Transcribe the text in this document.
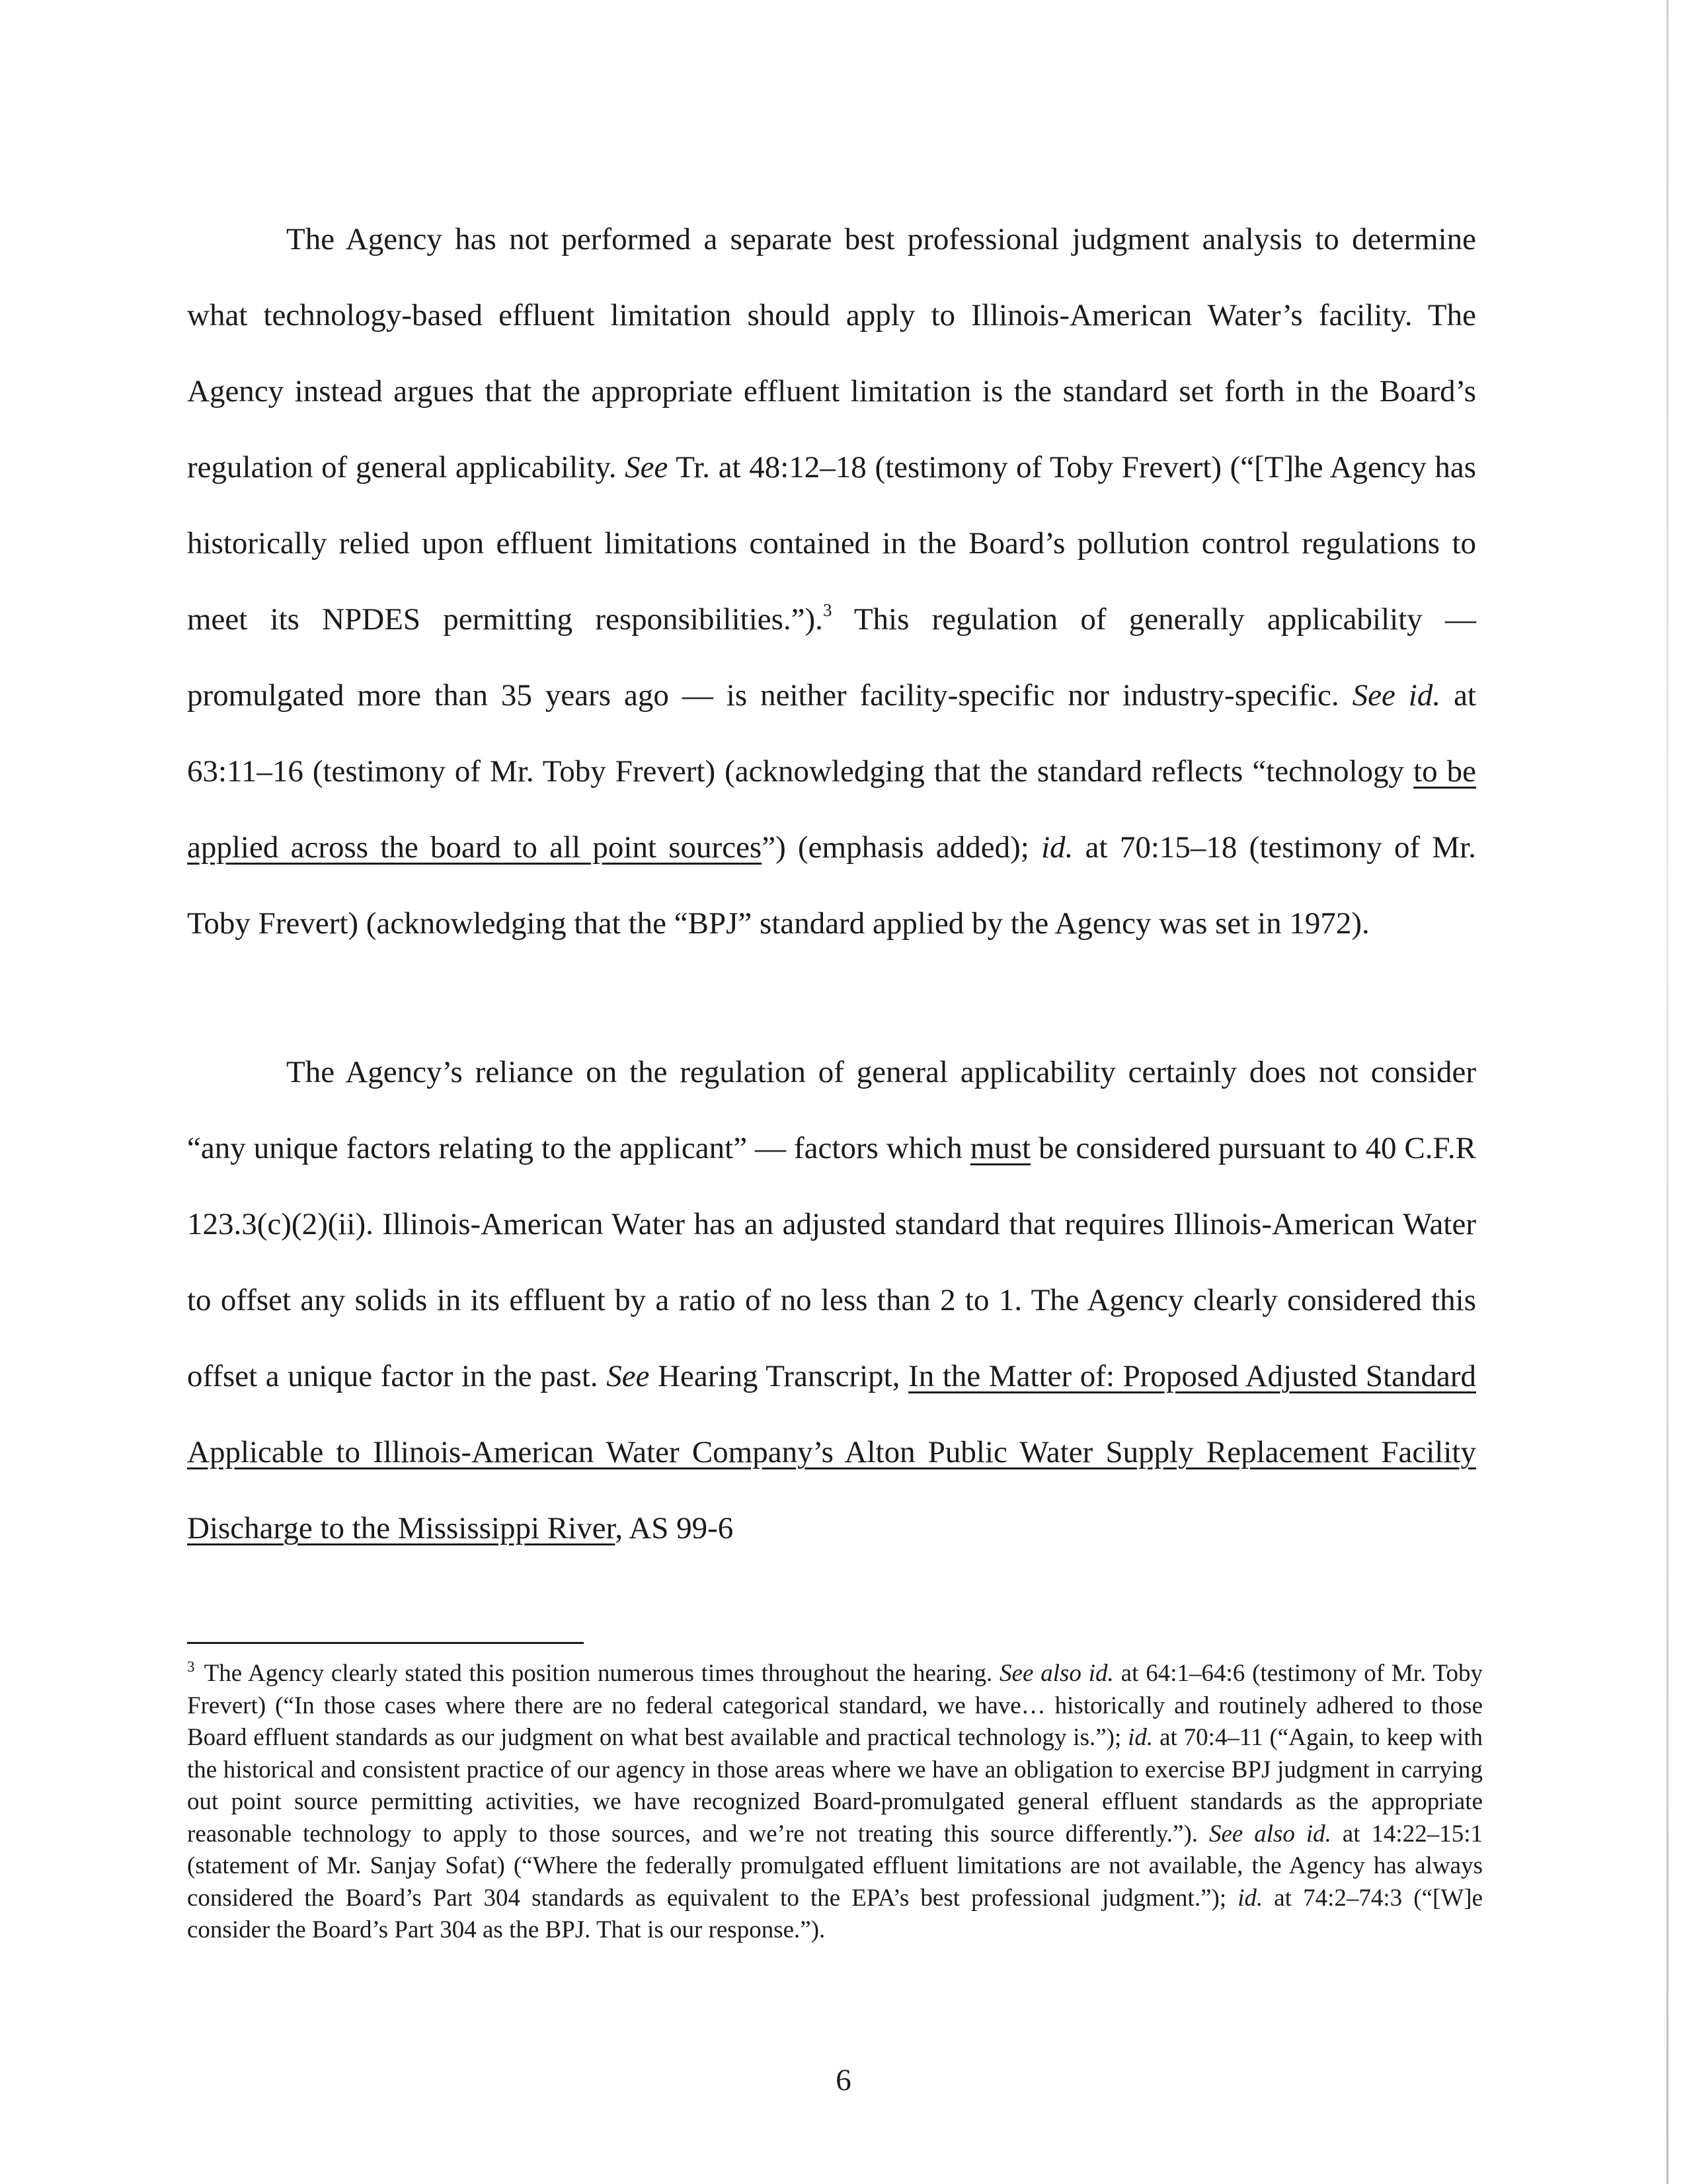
The Agency has not performed a separate best professional judgment analysis to determine what technology-based effluent limitation should apply to Illinois-American Water’s facility. The Agency instead argues that the appropriate effluent limitation is the standard set forth in the Board’s regulation of general applicability. See Tr. at 48:12–18 (testimony of Toby Frevert) (“[T]he Agency has historically relied upon effluent limitations contained in the Board’s pollution control regulations to meet its NPDES permitting responsibilities.”).$^3$ This regulation of generally applicability — promulgated more than 35 years ago — is neither facility-specific nor industry-specific. See id. at 63:11–16 (testimony of Mr. Toby Frevert) (acknowledging that the standard reflects “technology to be applied across the board to all point sources”) (emphasis added); id. at 70:15–18 (testimony of Mr. Toby Frevert) (acknowledging that the “BPJ” standard applied by the Agency was set in 1972).

The Agency’s reliance on the regulation of general applicability certainly does not consider “any unique factors relating to the applicant” — factors which must be considered pursuant to 40 C.F.R 123.3(c)(2)(ii). Illinois-American Water has an adjusted standard that requires Illinois-American Water to offset any solids in its effluent by a ratio of no less than 2 to 1. The Agency clearly considered this offset a unique factor in the past. See Hearing Transcript, In the Matter of: Proposed Adjusted Standard Applicable to Illinois-American Water Company’s Alton Public Water Supply Replacement Facility Discharge to the Mississippi River, AS 99-6

$^3$ The Agency clearly stated this position numerous times throughout the hearing. See also id. at 64:1–64:6 (testimony of Mr. Toby Frevert) (“In those cases where there are no federal categorical standard, we have… historically and routinely adhered to those Board effluent standards as our judgment on what best available and practical technology is.”); id. at 70:4–11 (“Again, to keep with the historical and consistent practice of our agency in those areas where we have an obligation to exercise BPJ judgment in carrying out point source permitting activities, we have recognized Board-promulgated general effluent standards as the appropriate reasonable technology to apply to those sources, and we’re not treating this source differently.”). See also id. at 14:22–15:1 (statement of Mr. Sanjay Sofat) (“Where the federally promulgated effluent limitations are not available, the Agency has always considered the Board’s Part 304 standards as equivalent to the EPA’s best professional judgment.”); id. at 74:2–74:3 (“[W]e consider the Board’s Part 304 as the BPJ. That is our response.”).

6
